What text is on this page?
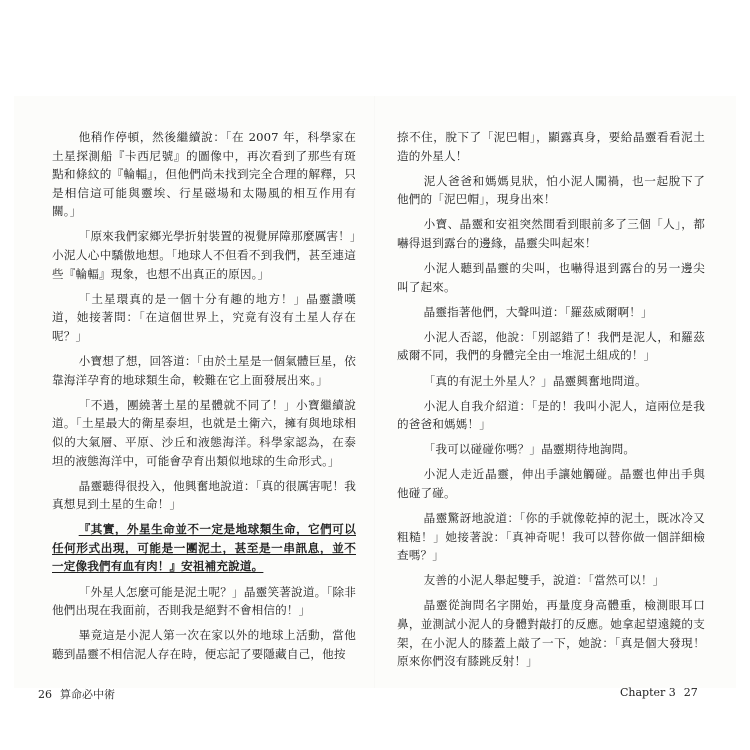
他稍作停頓，然後繼續說：「在 2007 年，科學家在土星探測船『卡西尼號』的圖像中，再次看到了那些有斑點和條紋的『輪輻』，但他們尚未找到完全合理的解釋，只是相信這可能與靈埃、行星磁場和太陽風的相互作用有關。」

「原來我們家鄉光學折射裝置的視覺屏障那麼厲害！」小泥人心中驕傲地想。「地球人不但看不到我們，甚至連這些『輪輻』現象，也想不出真正的原因。」

「土星環真的是一個十分有趣的地方！」晶靈讚嘆道，她接著問：「在這個世界上，究竟有沒有土星人存在呢？」

小寶想了想，回答道：「由於土星是一個氣體巨星，依靠海洋孕育的地球類生命，較難在它上面發展出來。」

「不過，團繞著土星的星體就不同了！」小寶繼續說道。「土星最大的衛星泰坦，也就是土衛六，擁有與地球相似的大氣層、平原、沙丘和液態海洋。科學家認為，在泰坦的液態海洋中，可能會孕育出類似地球的生命形式。」

晶靈聽得很投入，他興奮地說道：「真的很厲害呢！我真想見到土星的生命！」

『其實，外星生命並不一定是地球類生命，它們可以任何形式出現，可能是一團泥土，甚至是一串訊息，並不一定像我們有血有肉！』安祖補充說道。

「外星人怎麼可能是泥土呢？」晶靈笑著說道。「除非他們出現在我面前，否則我是絕對不會相信的！」

畢竟這是小泥人第一次在家以外的地球上活動，當他聽到晶靈不相信泥人存在時，便忘記了要隱藏自己，他按

26 算命必中術

捺不住，脫下了「泥巴帽」，顯露真身，要給晶靈看看泥土造的外星人！

泥人爸爸和媽媽見狀，怕小泥人闖禍，也一起脫下了他們的「泥巴帽」，現身出來！

小寶、晶靈和安祖突然間看到眼前多了三個「人」，都嚇得退到露台的邊緣，晶靈尖叫起來！

小泥人聽到晶靈的尖叫，也嚇得退到露台的另一邊尖叫了起來。

晶靈指著他們，大聲叫道：「羅茲威爾啊！」

小泥人否認，他說：「別認錯了！我們是泥人，和羅茲威爾不同，我們的身體完全由一堆泥土組成的！」

「真的有泥土外星人？」晶靈興奮地問道。

小泥人自我介紹道：「是的！我叫小泥人，這兩位是我的爸爸和媽媽！」

「我可以碰碰你嗎？」晶靈期待地詢問。

小泥人走近晶靈，伸出手讓她觸碰。晶靈也伸出手與他碰了碰。

晶靈驚訝地說道：「你的手就像乾掉的泥土，既冰冷又粗糙！」她接著說：「真神奇呢！我可以替你做一個詳細檢查嗎？」

友善的小泥人舉起雙手，說道：「當然可以！」

晶靈從詢問名字開始，再量度身高體重，檢測眼耳口鼻，並測試小泥人的身體對敲打的反應。她拿起望遠鏡的支架，在小泥人的膝蓋上敲了一下，她說：「真是個大發現！原來你們沒有膝跳反射！」

Chapter 3 27
